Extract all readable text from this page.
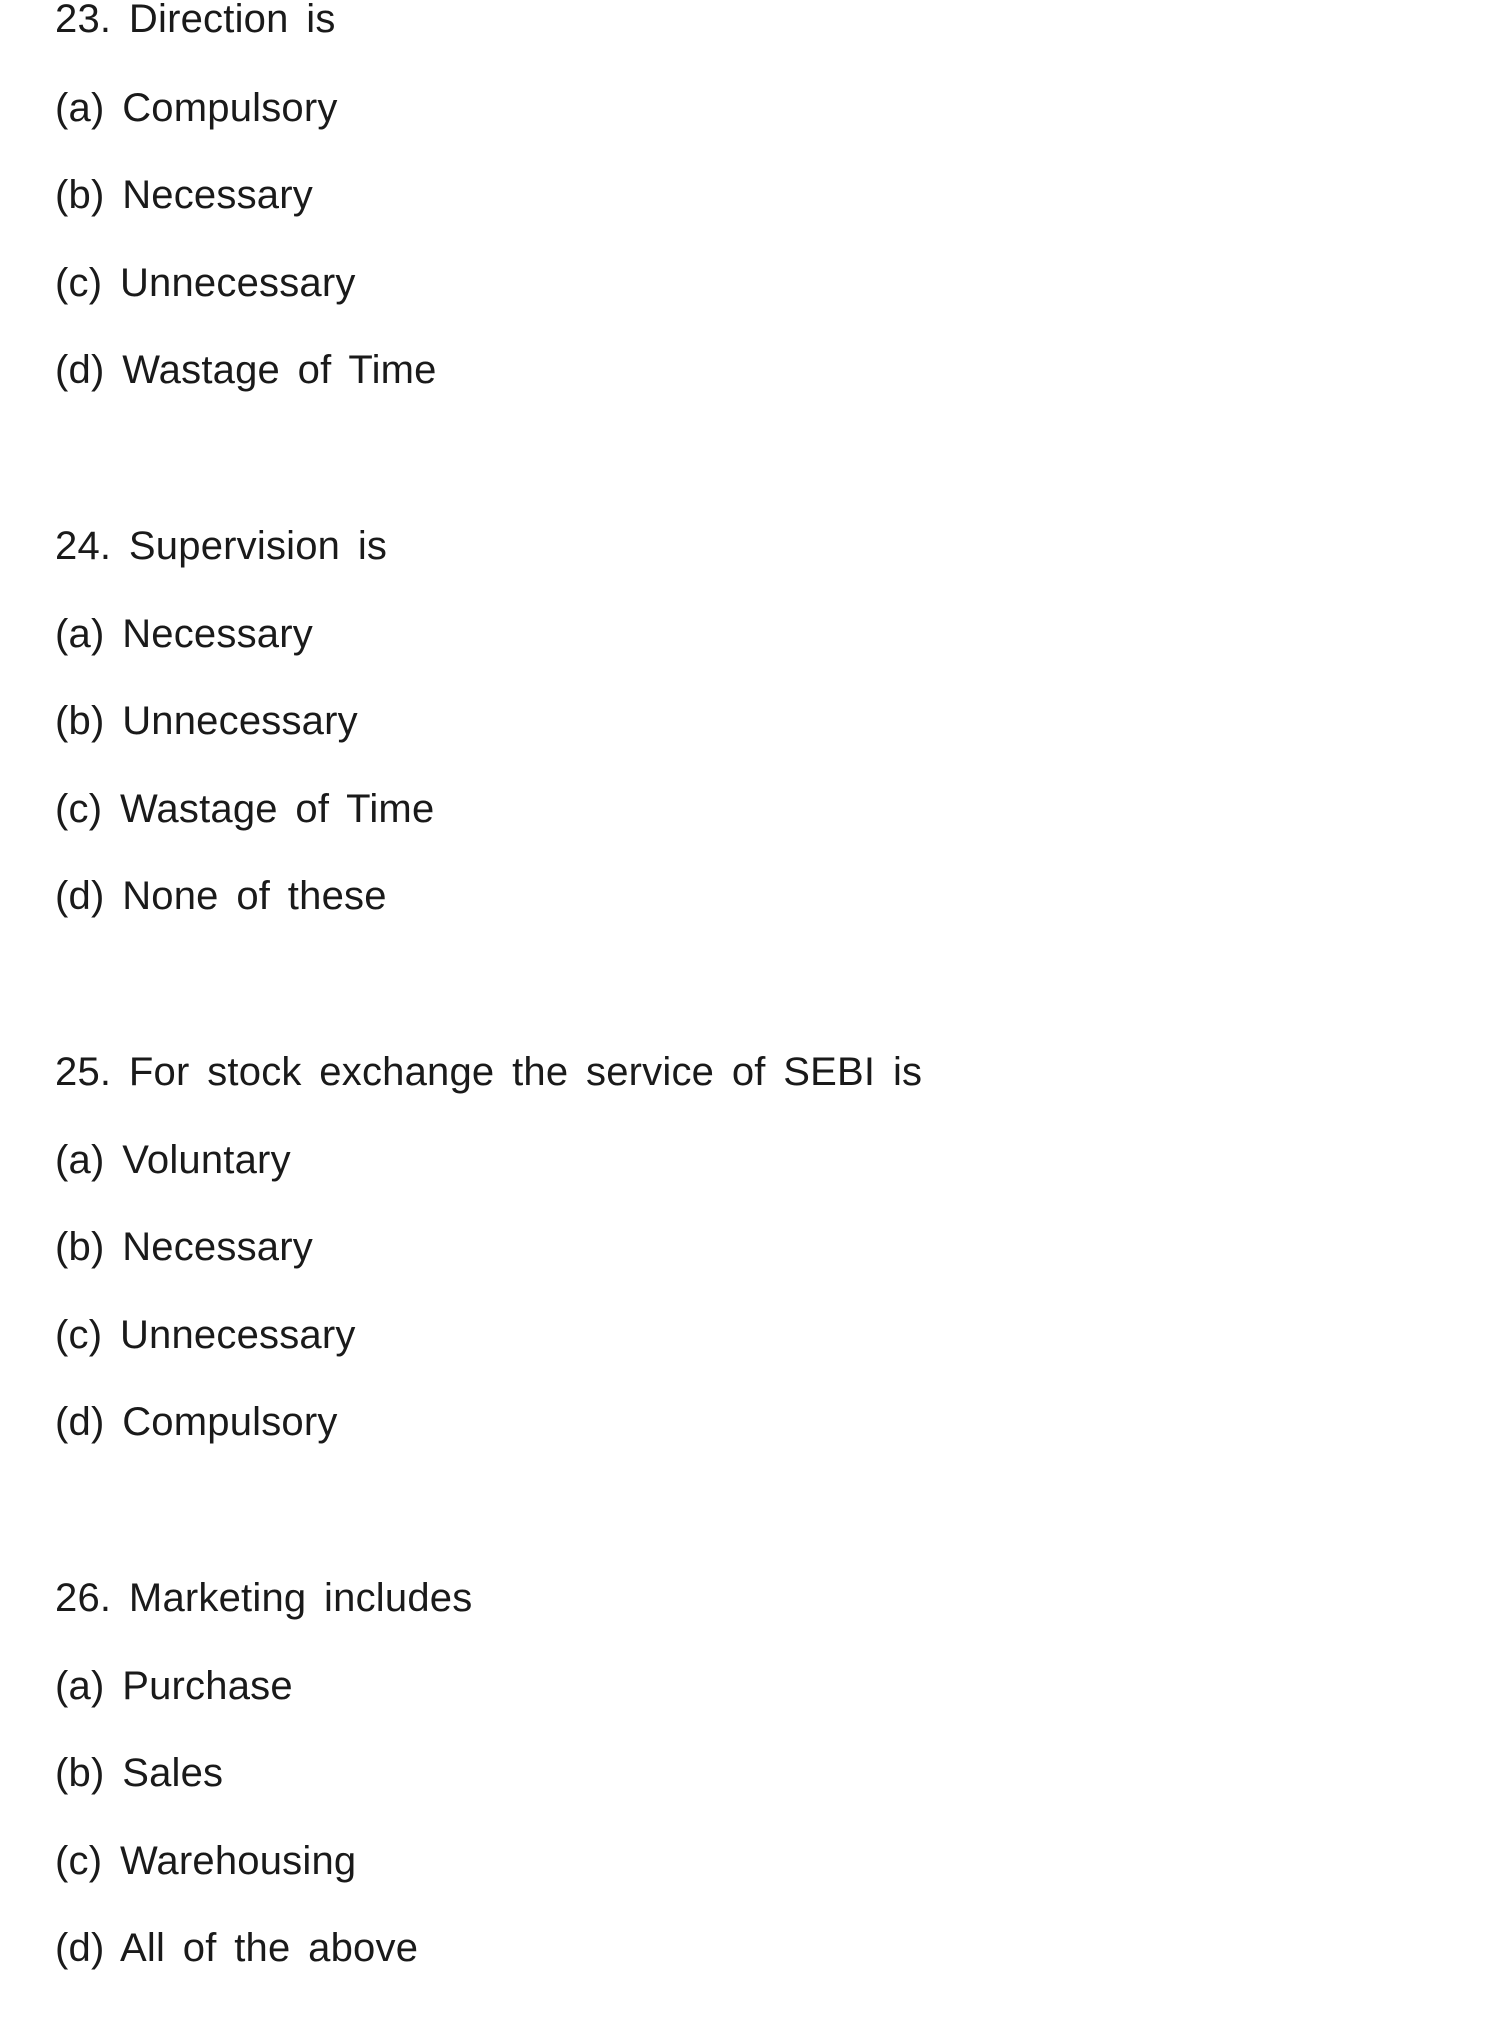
23. Direction is
(a) Compulsory
(b) Necessary
(c) Unnecessary
(d) Wastage of Time
24. Supervision is
(a) Necessary
(b) Unnecessary
(c) Wastage of Time
(d) None of these
25. For stock exchange the service of SEBI is
(a) Voluntary
(b) Necessary
(c) Unnecessary
(d) Compulsory
26. Marketing includes
(a) Purchase
(b) Sales
(c) Warehousing
(d) All of the above
